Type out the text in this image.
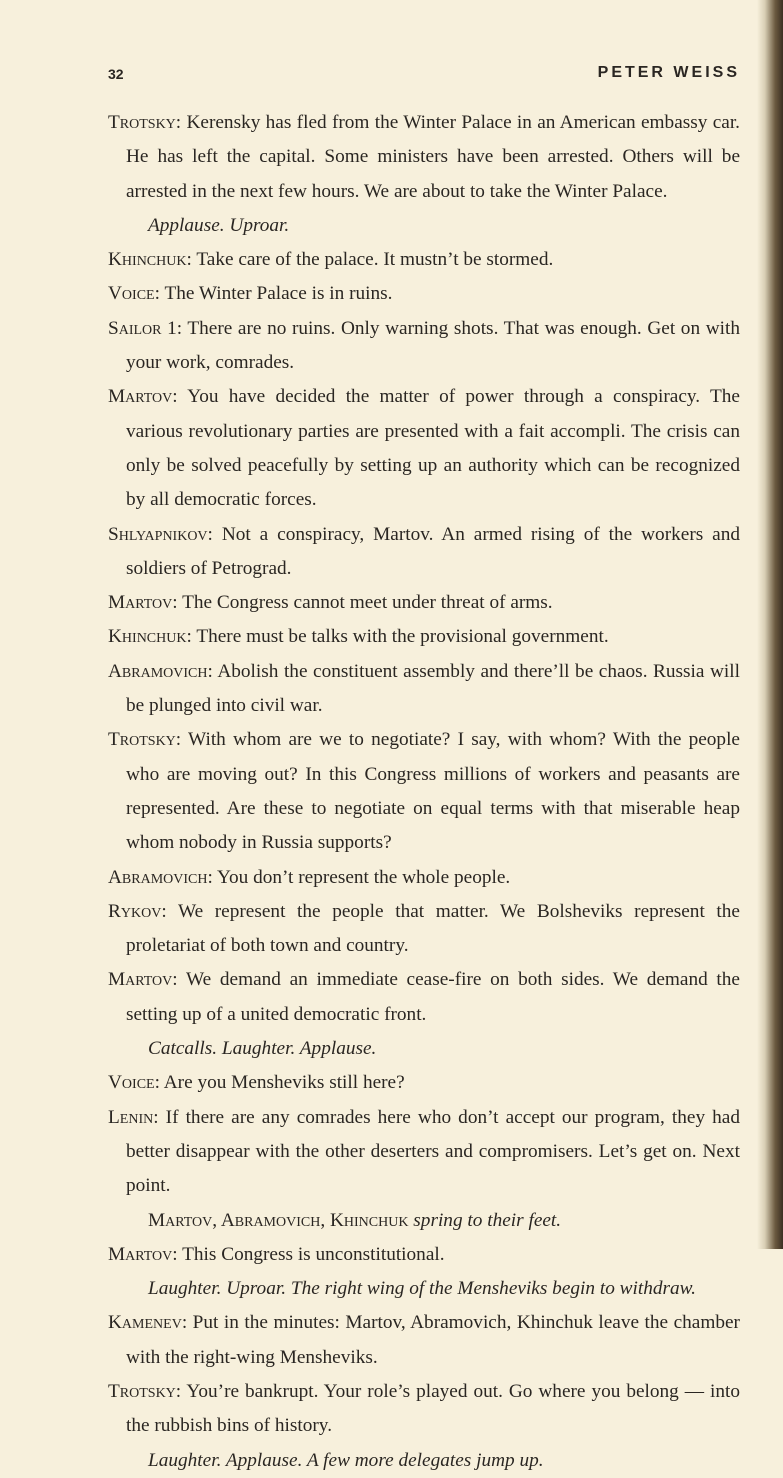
32	PETER WEISS

Trotsky: Kerensky has fled from the Winter Palace in an American embassy car. He has left the capital. Some ministers have been arrested. Others will be arrested in the next few hours. We are about to take the Winter Palace.

Applause. Uproar.

Khinchuk: Take care of the palace. It mustn’t be stormed.

Voice: The Winter Palace is in ruins.

Sailor 1: There are no ruins. Only warning shots. That was enough. Get on with your work, comrades.

Martov: You have decided the matter of power through a conspiracy. The various revolutionary parties are presented with a fait accompli. The crisis can only be solved peacefully by setting up an authority which can be recognized by all democratic forces.

Shlyapnikov: Not a conspiracy, Martov. An armed rising of the workers and soldiers of Petrograd.

Martov: The Congress cannot meet under threat of arms.

Khinchuk: There must be talks with the provisional government.

Abramovich: Abolish the constituent assembly and there’ll be chaos. Russia will be plunged into civil war.

Trotsky: With whom are we to negotiate? I say, with whom? With the people who are moving out? In this Congress millions of workers and peasants are represented. Are these to negotiate on equal terms with that miserable heap whom nobody in Russia supports?

Abramovich: You don’t represent the whole people.

Rykov: We represent the people that matter. We Bolsheviks represent the proletariat of both town and country.

Martov: We demand an immediate cease-fire on both sides. We demand the setting up of a united democratic front.

Catcalls. Laughter. Applause.

Voice: Are you Mensheviks still here?

Lenin: If there are any comrades here who don’t accept our program, they had better disappear with the other deserters and compromisers. Let’s get on. Next point.

Martov, Abramovich, Khinchuk spring to their feet.

Martov: This Congress is unconstitutional.

Laughter. Uproar. The right wing of the Mensheviks begin to withdraw.

Kamenev: Put in the minutes: Martov, Abramovich, Khinchuk leave the chamber with the right-wing Mensheviks.

Trotsky: You’re bankrupt. Your role’s played out. Go where you belong — into the rubbish bins of history.

Laughter. Applause. A few more delegates jump up.
